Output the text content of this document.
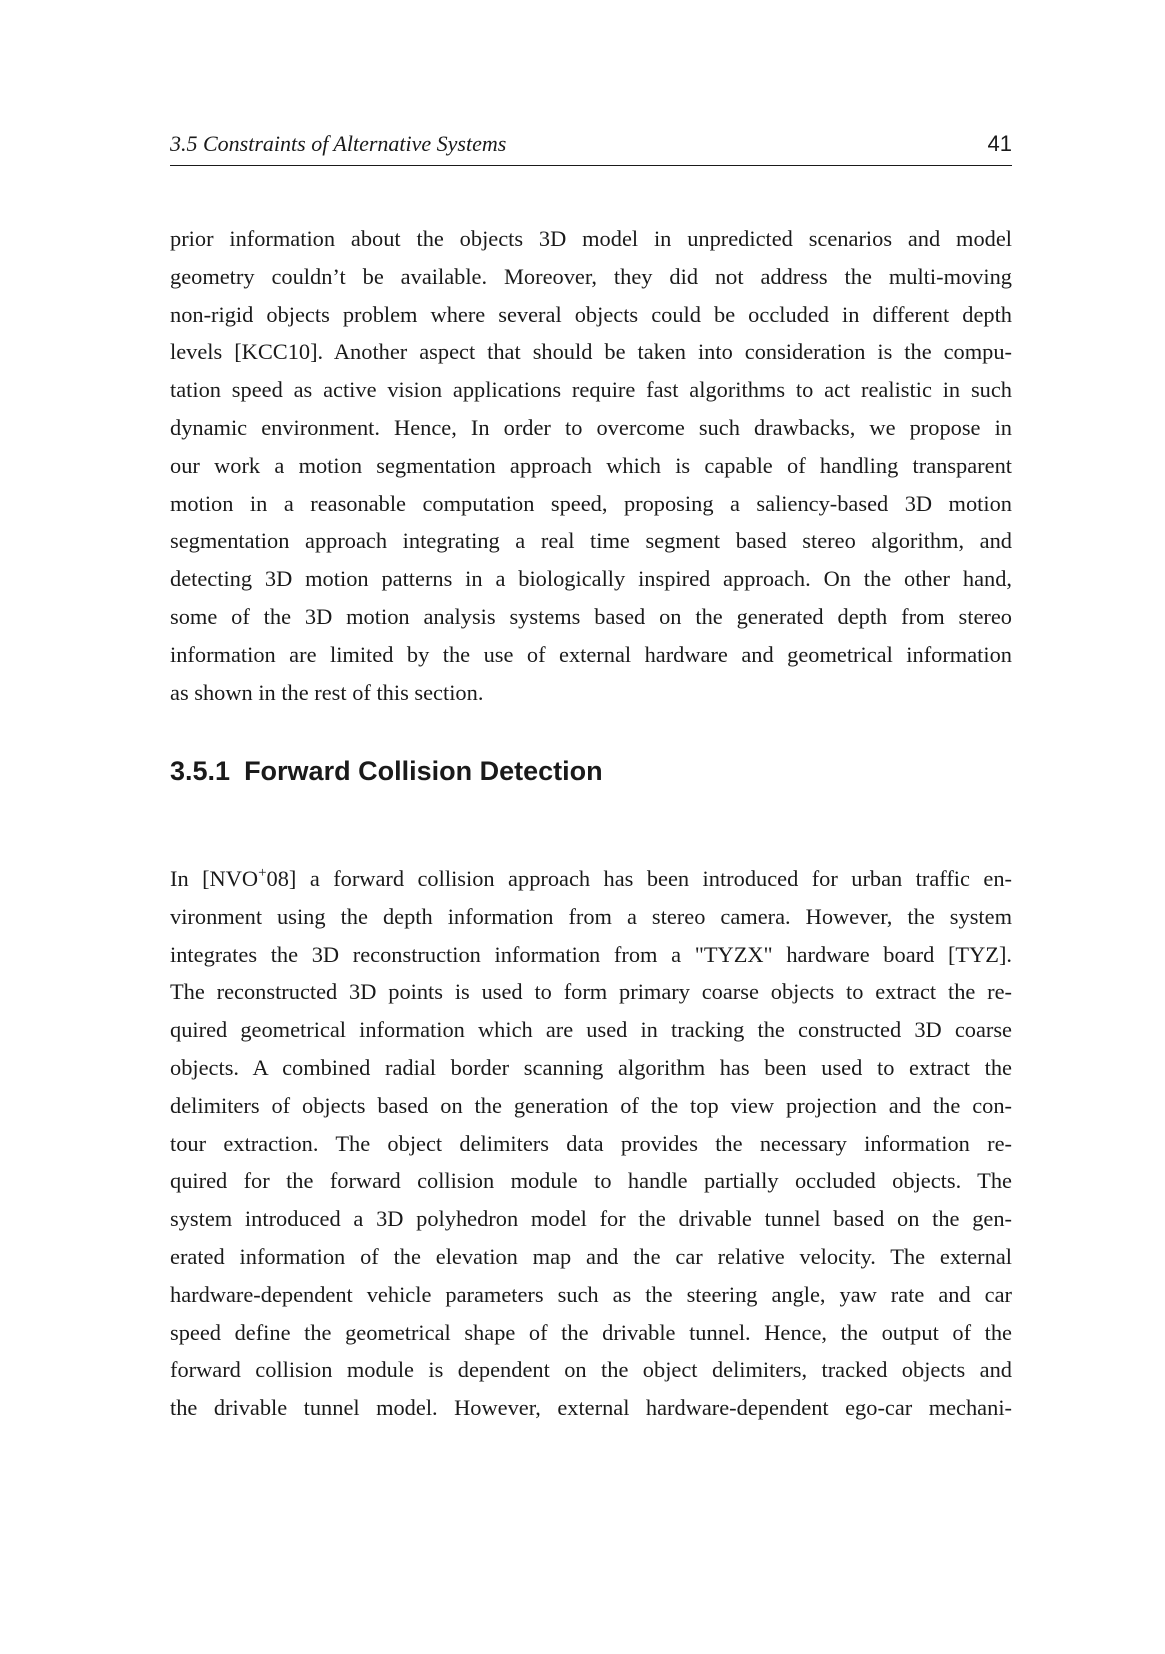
3.5 Constraints of Alternative Systems	41
prior information about the objects 3D model in unpredicted scenarios and model
geometry couldn’t be available. Moreover, they did not address the multi-moving
non-rigid objects problem where several objects could be occluded in different depth
levels [KCC10]. Another aspect that should be taken into consideration is the compu-
tation speed as active vision applications require fast algorithms to act realistic in such
dynamic environment. Hence, In order to overcome such drawbacks, we propose in
our work a motion segmentation approach which is capable of handling transparent
motion in a reasonable computation speed, proposing a saliency-based 3D motion
segmentation approach integrating a real time segment based stereo algorithm, and
detecting 3D motion patterns in a biologically inspired approach. On the other hand,
some of the 3D motion analysis systems based on the generated depth from stereo
information are limited by the use of external hardware and geometrical information
as shown in the rest of this section.
3.5.1 Forward Collision Detection
In [NVO+08] a forward collision approach has been introduced for urban traffic en-
vironment using the depth information from a stereo camera. However, the system
integrates the 3D reconstruction information from a "TYZX" hardware board [TYZ].
The reconstructed 3D points is used to form primary coarse objects to extract the re-
quired geometrical information which are used in tracking the constructed 3D coarse
objects. A combined radial border scanning algorithm has been used to extract the
delimiters of objects based on the generation of the top view projection and the con-
tour extraction. The object delimiters data provides the necessary information re-
quired for the forward collision module to handle partially occluded objects. The
system introduced a 3D polyhedron model for the drivable tunnel based on the gen-
erated information of the elevation map and the car relative velocity. The external
hardware-dependent vehicle parameters such as the steering angle, yaw rate and car
speed define the geometrical shape of the drivable tunnel. Hence, the output of the
forward collision module is dependent on the object delimiters, tracked objects and
the drivable tunnel model. However, external hardware-dependent ego-car mechani-
